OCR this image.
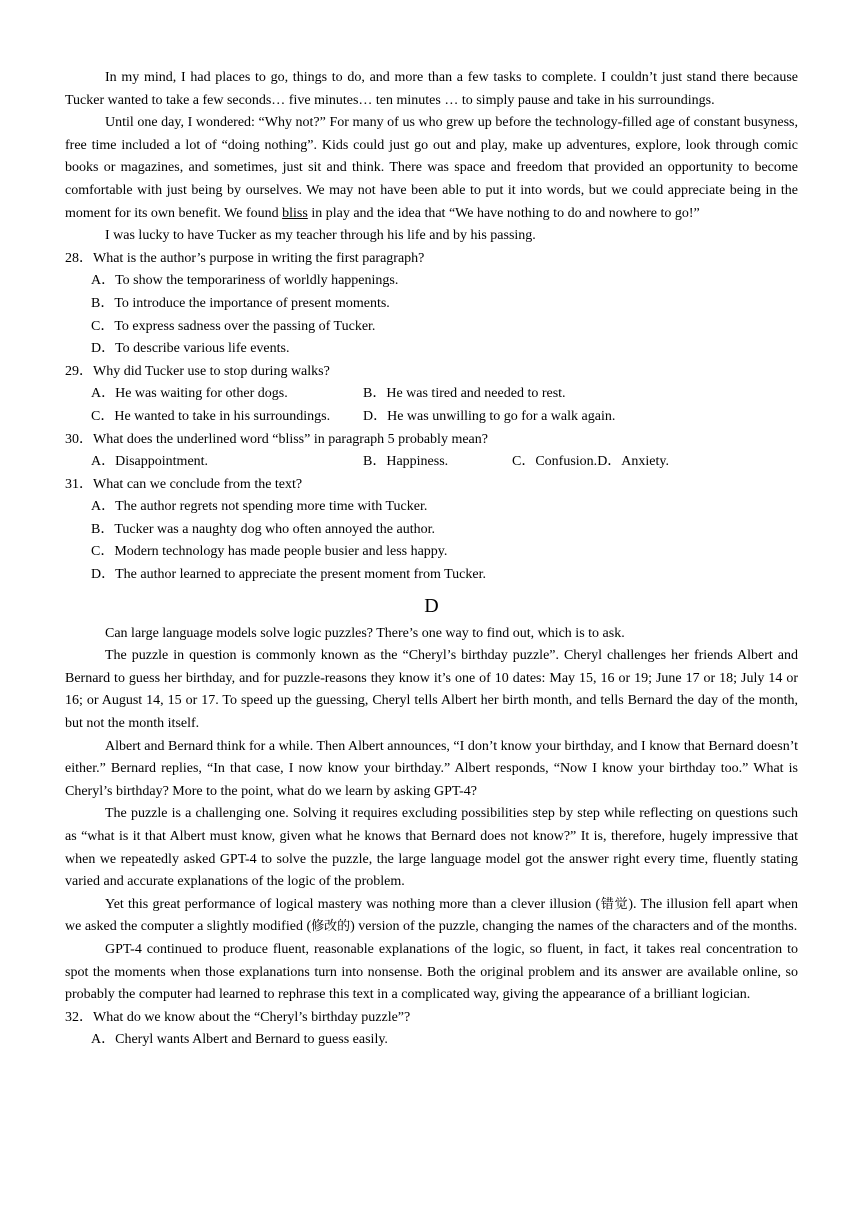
In my mind, I had places to go, things to do, and more than a few tasks to complete. I couldn’t just stand there because Tucker wanted to take a few seconds… five minutes… ten minutes … to simply pause and take in his surroundings.

Until one day, I wondered: “Why not?” For many of us who grew up before the technology-filled age of constant busyness, free time included a lot of “doing nothing”. Kids could just go out and play, make up adventures, explore, look through comic books or magazines, and sometimes, just sit and think. There was space and freedom that provided an opportunity to become comfortable with just being by ourselves. We may not have been able to put it into words, but we could appreciate being in the moment for its own benefit. We found bliss in play and the idea that “We have nothing to do and nowhere to go!”

I was lucky to have Tucker as my teacher through his life and by his passing.

28．What is the author’s purpose in writing the first paragraph?

A．To show the temporariness of worldly happenings.

B．To introduce the importance of present moments.

C．To express sadness over the passing of Tucker.

D．To describe various life events.

29．Why did Tucker use to stop during walks?

A．He was waiting for other dogs.	B．He was tired and needed to rest.
C．He wanted to take in his surroundings.	D．He was unwilling to go for a walk again.

30．What does the underlined word “bliss” in paragraph 5 probably mean?

A．Disappointment.	B．Happiness.	C．Confusion. D．Anxiety.

31．What can we conclude from the text?

A．The author regrets not spending more time with Tucker.

B．Tucker was a naughty dog who often annoyed the author.

C．Modern technology has made people busier and less happy.

D．The author learned to appreciate the present moment from Tucker.

D

Can large language models solve logic puzzles? There’s one way to find out, which is to ask.

The puzzle in question is commonly known as the “Cheryl’s birthday puzzle”. Cheryl challenges her friends Albert and Bernard to guess her birthday, and for puzzle-reasons they know it’s one of 10 dates: May 15, 16 or 19; June 17 or 18; July 14 or 16; or August 14, 15 or 17. To speed up the guessing, Cheryl tells Albert her birth month, and tells Bernard the day of the month, but not the month itself.

Albert and Bernard think for a while. Then Albert announces, “I don’t know your birthday, and I know that Bernard doesn’t either.” Bernard replies, “In that case, I now know your birthday.” Albert responds, “Now I know your birthday too.” What is Cheryl’s birthday? More to the point, what do we learn by asking GPT-4?

The puzzle is a challenging one. Solving it requires excluding possibilities step by step while reflecting on questions such as “what is it that Albert must know, given what he knows that Bernard does not know?” It is, therefore, hugely impressive that when we repeatedly asked GPT-4 to solve the puzzle, the large language model got the answer right every time, fluently stating varied and accurate explanations of the logic of the problem.

Yet this great performance of logical mastery was nothing more than a clever illusion (错觉). The illusion fell apart when we asked the computer a slightly modified (修改的) version of the puzzle, changing the names of the characters and of the months.

GPT-4 continued to produce fluent, reasonable explanations of the logic, so fluent, in fact, it takes real concentration to spot the moments when those explanations turn into nonsense. Both the original problem and its answer are available online, so probably the computer had learned to rephrase this text in a complicated way, giving the appearance of a brilliant logician.

32．What do we know about the “Cheryl’s birthday puzzle”?

A．Cheryl wants Albert and Bernard to guess easily.
